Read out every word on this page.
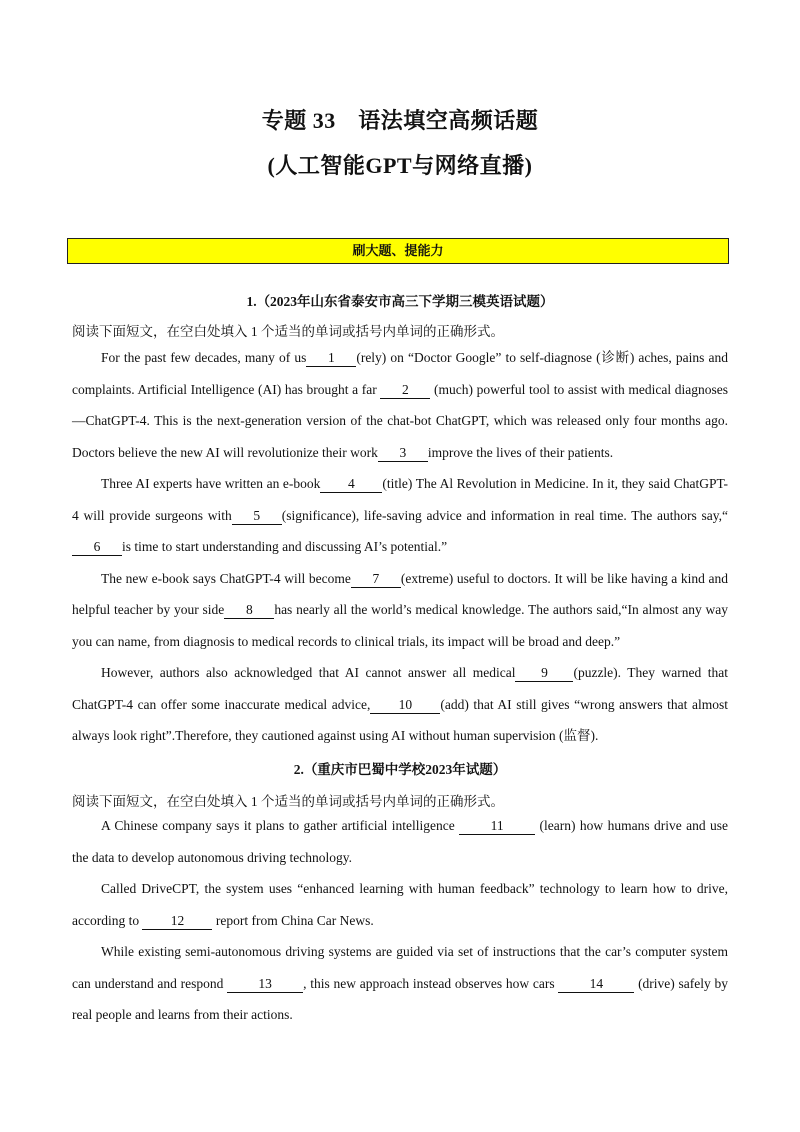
专题 33　语法填空高频话题
(人工智能GPT与网络直播)
刷大题、提能力
1.（2023年山东省泰安市高三下学期三模英语试题）
阅读下面短文，在空白处填入 1 个适当的单词或括号内单词的正确形式。

For the past few decades, many of us 1 (rely) on “Doctor Google” to self-diagnose (诊断) aches, pains and complaints. Artificial Intelligence (AI) has brought a far 2 (much) powerful tool to assist with medical diagnoses—ChatGPT-4. This is the next-generation version of the chat-bot ChatGPT, which was released only four months ago. Doctors believe the new AI will revolutionize their work 3 improve the lives of their patients.

Three AI experts have written an e-book 4 (title) The Al Revolution in Medicine. In it, they said ChatGPT-4 will provide surgeons with 5 (significance), life-saving advice and information in real time. The authors say,“6 is time to start understanding and discussing AI’s potential.”

The new e-book says ChatGPT-4 will become 7 (extreme) useful to doctors. It will be like having a kind and helpful teacher by your side 8 has nearly all the world’s medical knowledge. The authors said,“In almost any way you can name, from diagnosis to medical records to clinical trials, its impact will be broad and deep.”

However, authors also acknowledged that AI cannot answer all medical 9 (puzzle). They warned that ChatGPT-4 can offer some inaccurate medical advice, 10 (add) that AI still gives “wrong answers that almost always look right”.Therefore, they cautioned against using AI without human supervision (监督).

2.（重庆市巴蜀中学校2023年试题）
阅读下面短文，在空白处填入 1 个适当的单词或括号内单词的正确形式。

A Chinese company says it plans to gather artificial intelligence 11 (learn) how humans drive and use the data to develop autonomous driving technology.

Called DriveCPT, the system uses “enhanced learning with human feedback” technology to learn how to drive, according to 12 report from China Car News.

While existing semi-autonomous driving systems are guided via set of instructions that the car’s computer system can understand and respond 13 , this new approach instead observes how cars 14 (drive) safely by real people and learns from their actions.
